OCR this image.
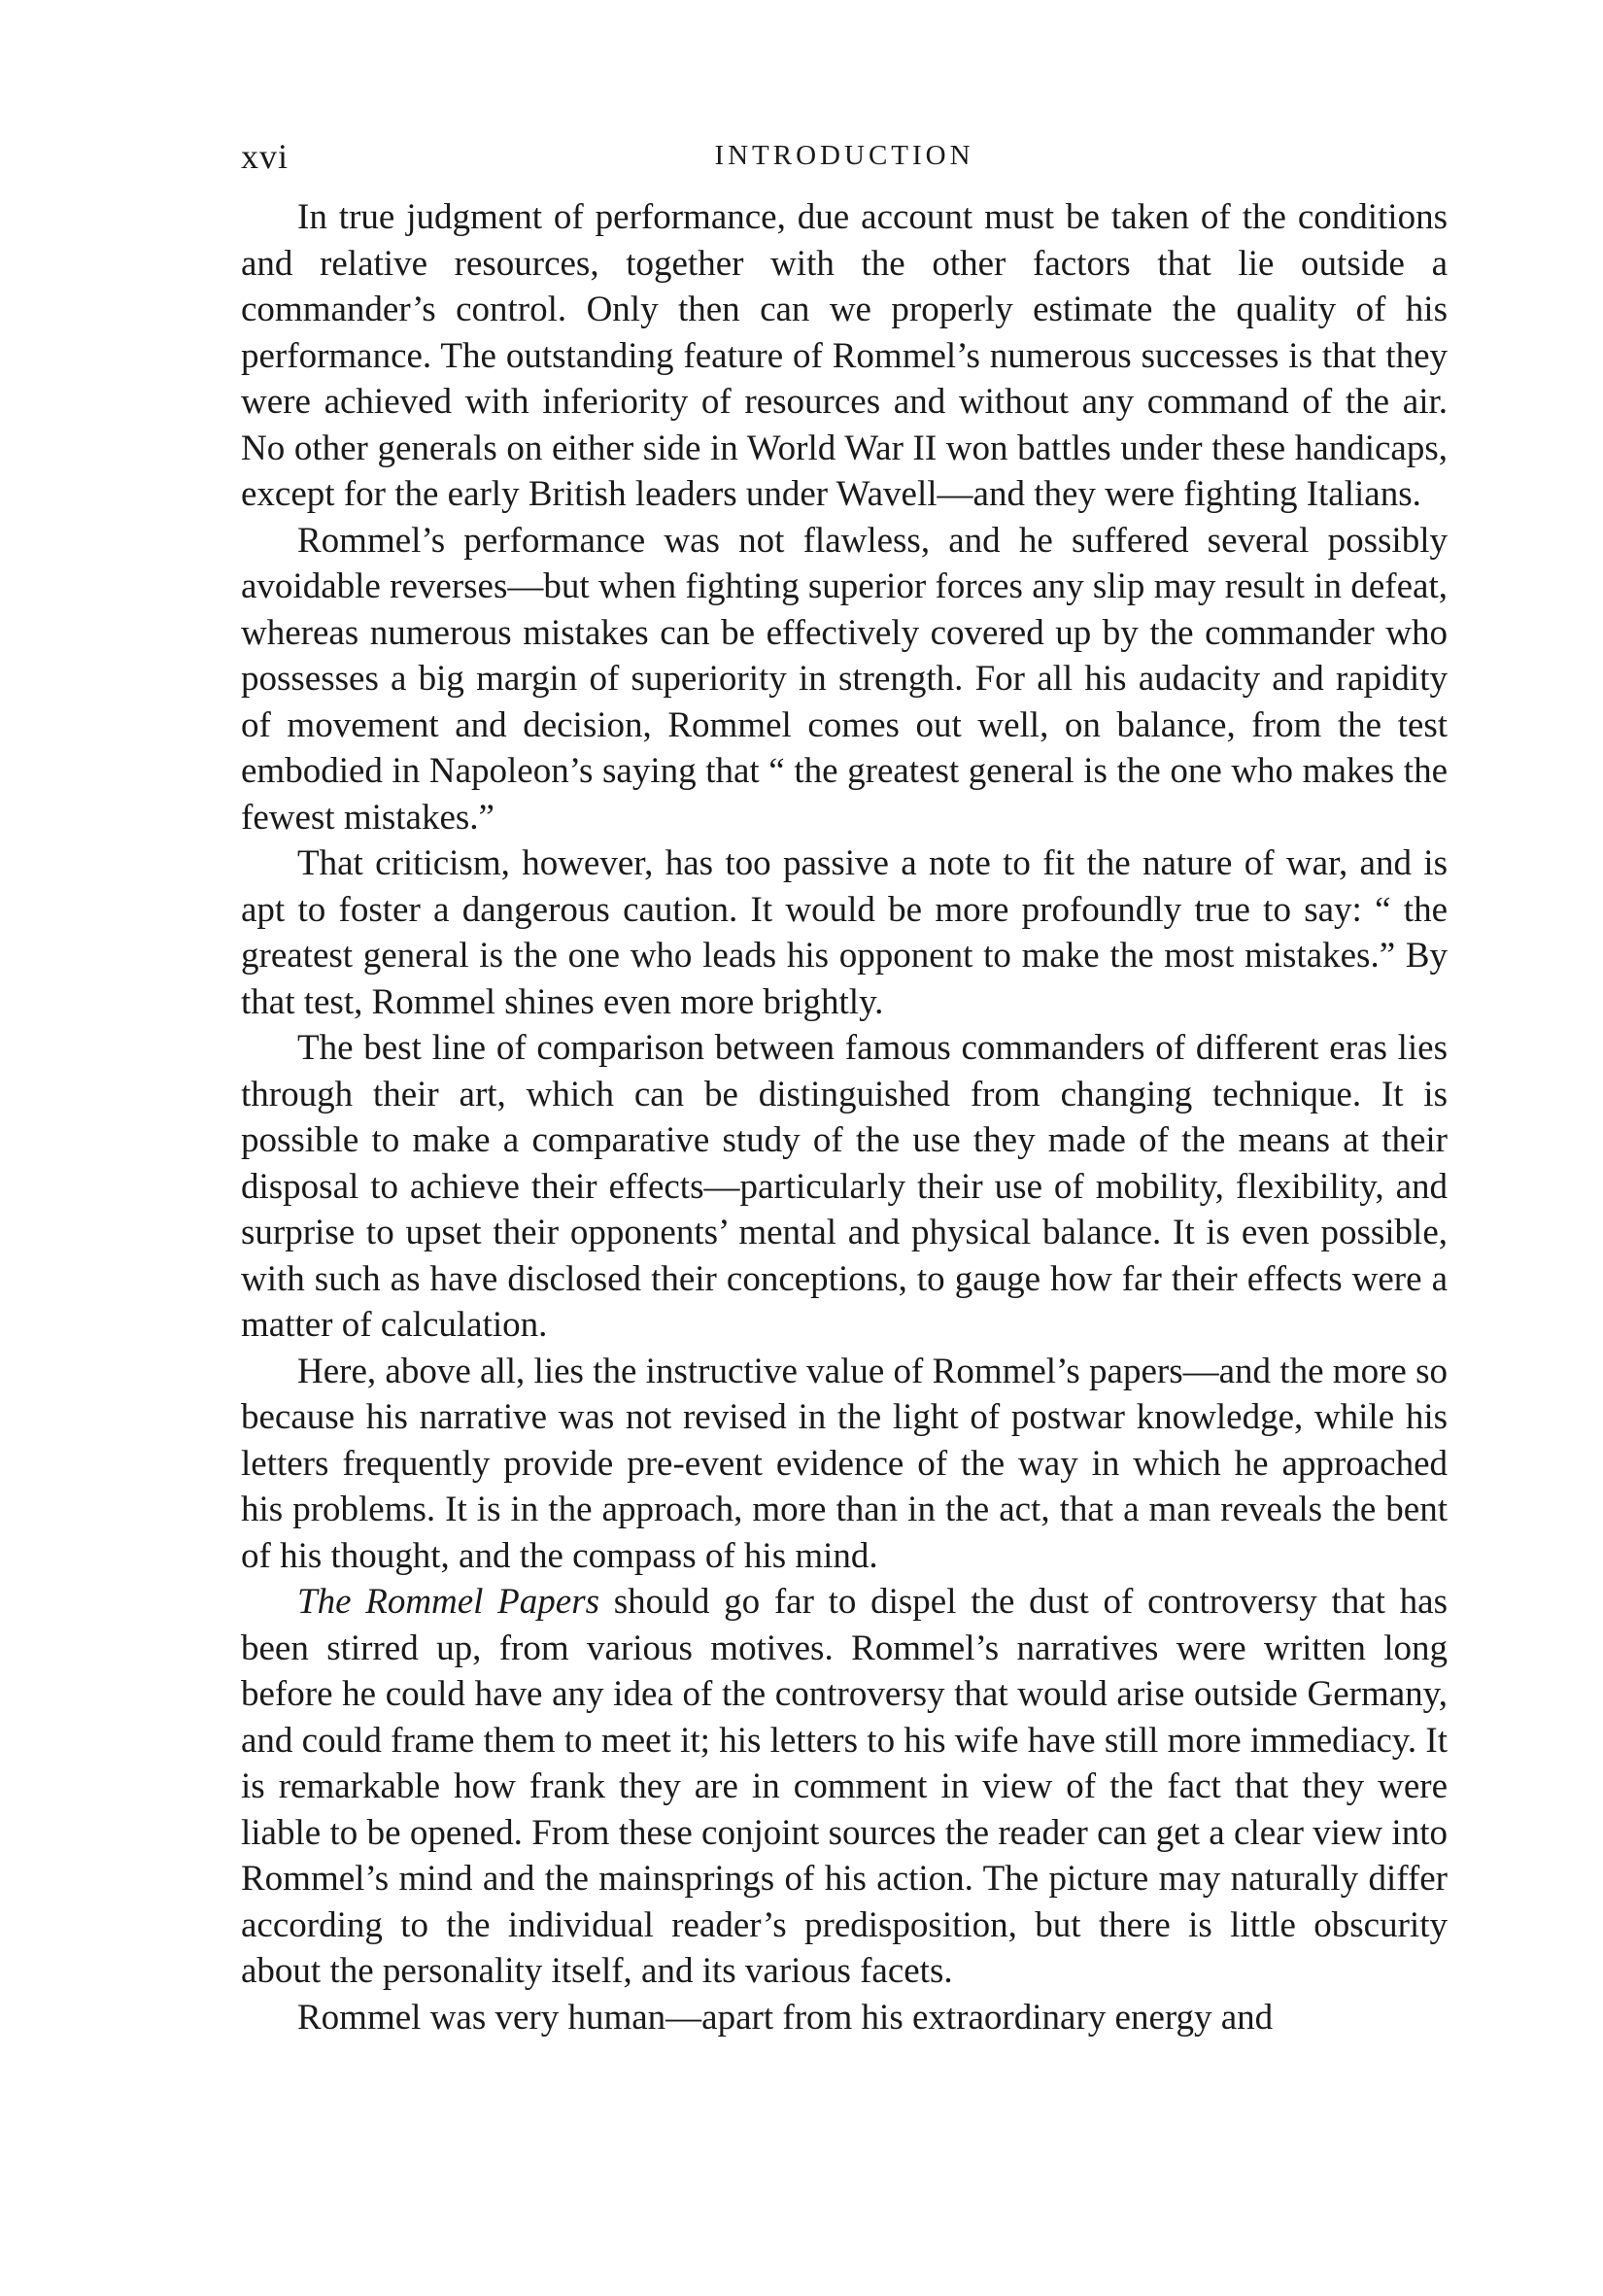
xvi	INTRODUCTION

In true judgment of performance, due account must be taken of the conditions and relative resources, together with the other factors that lie outside a commander’s control. Only then can we properly estimate the quality of his performance. The outstanding feature of Rommel’s numerous successes is that they were achieved with inferiority of resources and without any command of the air. No other generals on either side in World War II won battles under these handicaps, except for the early British leaders under Wavell—and they were fighting Italians.

Rommel’s performance was not flawless, and he suffered several possibly avoidable reverses—but when fighting superior forces any slip may result in defeat, whereas numerous mistakes can be effectively covered up by the commander who possesses a big margin of superiority in strength. For all his audacity and rapidity of movement and decision, Rommel comes out well, on balance, from the test embodied in Napoleon’s saying that “ the greatest general is the one who makes the fewest mistakes.”

That criticism, however, has too passive a note to fit the nature of war, and is apt to foster a dangerous caution. It would be more profoundly true to say: “ the greatest general is the one who leads his opponent to make the most mistakes.” By that test, Rommel shines even more brightly.

The best line of comparison between famous commanders of different eras lies through their art, which can be distinguished from changing technique. It is possible to make a comparative study of the use they made of the means at their disposal to achieve their effects—particularly their use of mobility, flexibility, and surprise to upset their opponents’ mental and physical balance. It is even possible, with such as have disclosed their conceptions, to gauge how far their effects were a matter of calculation.

Here, above all, lies the instructive value of Rommel’s papers—and the more so because his narrative was not revised in the light of postwar knowledge, while his letters frequently provide pre-event evidence of the way in which he approached his problems. It is in the approach, more than in the act, that a man reveals the bent of his thought, and the compass of his mind.

The Rommel Papers should go far to dispel the dust of controversy that has been stirred up, from various motives. Rommel’s narratives were written long before he could have any idea of the controversy that would arise outside Germany, and could frame them to meet it; his letters to his wife have still more immediacy. It is remarkable how frank they are in comment in view of the fact that they were liable to be opened. From these conjoint sources the reader can get a clear view into Rommel’s mind and the mainsprings of his action. The picture may naturally differ according to the individual reader’s predisposition, but there is little obscurity about the personality itself, and its various facets.

Rommel was very human—apart from his extraordinary energy and
